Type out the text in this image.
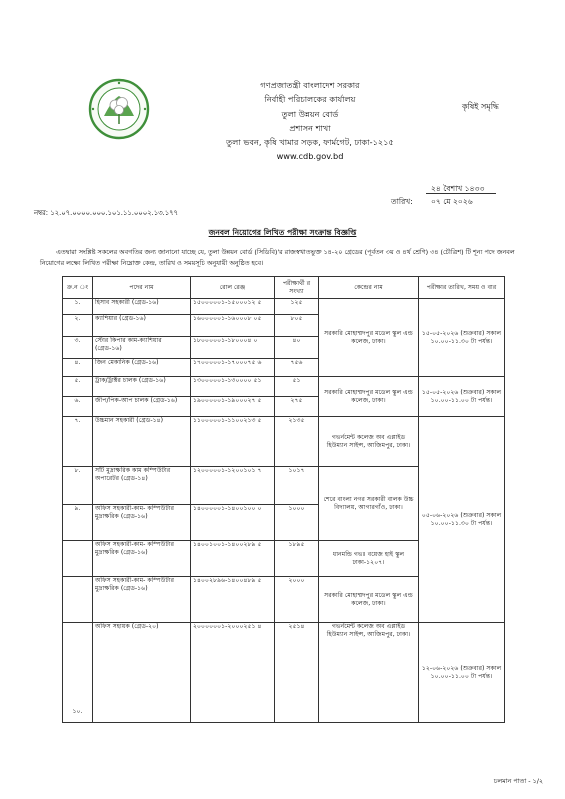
গণপ্রজাতন্ত্রী বাংলাদেশ সরকার
নির্বাহী পরিচালকের কার্যালয়
তুলা উন্নয়ন বোর্ড
প্রশাসন শাখা
তুলা ভবন, কৃষি খামার সড়ক, ফার্মগেট, ঢাকা-১২১৫
www.cdb.gov.bd
কৃষিই সমৃদ্ধি
২৪ বৈশাখ ১৪৩৩
তারিখ: ০৭ মে ২০২৬
নম্বর: ১২.০৭.০০০০.০০০.১০১.১১.০০০২.১৩.১৭৭
জনবল নিয়োগের লিখিত পরীক্ষা সংক্রান্ত বিজ্ঞপ্তি
এতদ্বারা সংশ্লিষ্ট সকলের অবগতির জন্য জানানো যাচ্ছে যে, তুলা উন্নয়ন বোর্ড (সিডিবি)'র রাজস্বখাতভুক্ত ১৪-২০ গ্রেডের (পূর্বতন ৩য় ও ৪র্থ শ্রেণি) ৩৪ (চৌত্রিশ) টি শূন্য পদে জনবল নিয়োগের লক্ষ্যে লিখিত পরীক্ষা নিম্নোক্ত কেন্দ্র, তারিখ ও সময়সূচি অনুযায়ী অনুষ্ঠিত হবে।
ক্র.ন ং	পদের নাম	রোল রেঞ্জ	পরীক্ষার্থী র সংখ্যা	কেন্দ্রের নাম	পরীক্ষার তারিখ, সময় ও বার
১.	হিসাব সহকারী (গ্রেড-১৬)	১৫০০০০০১-১৫০০০১২ ৫	১২৫	সরকারি মোহাম্মদপুর মডেল স্কুল এন্ড কলেজ, ঢাকা।	১৫-০৫-২০২৬ (শুক্রবার) সকাল ১০.০০-১১.৩০ টা পর্যন্ত।
২.	ক্যাশিয়ার (গ্রেড-১৬)	১৬০০০০০১-১৬০০০৮ ০৫	৮০৫		
৩.	স্টোর কিপার কাম-ক্যাশিয়ার (গ্রেড-১৬)	১৮০০০০০১-১৮০০০৪ ০	৪০		
৪.	জিন মেকানিক (গ্রেড-১৬)	১৭০০০০০১-১৭০০০৭৫ ৬	৭৫৬		
৫.	ট্রাক/ট্রাক্টর চালক (গ্রেড-১৬)	১৩০০০০০১-১৩০০০০ ৫১	৫১	সরকারি মোহাম্মদপুর মডেল স্কুল এন্ড কলেজ, ঢাকা।	১৫-০৫-২০২৬ (শুক্রবার) সকাল ১০.০০-১১.০০ টা পর্যন্ত।
৬.	জীপ/পিক-আপ চালক (গ্রেড-১৬)	১৯০০০০০১-১৯০০০২৭ ৫	২৭৫		
৭.	উচ্চমান সহকারী (গ্রেড-১৪)	১১০০০০০১-১১০০২১৩ ৫	২১৩৫	গভর্নমেন্ট কলেজ অব এপ্লাইড হিউম্যান সাইন্স, আজিমপুর, ঢাকা।	০৫-০৬-২০২৬ (শুক্রবার) সকাল ১০.০০-১১.৩০ টা পর্যন্ত।
৮.	সাঁট মুদ্রাক্ষরিক কাম কম্পিউটার অপারেটর (গ্রেড-১৪)	১২০০০০০১-১২০০১০১ ৭	১০১৭	শেরে বাংলা নগর সরকারী বালক উচ্চ বিদ্যালয়, আগারগাঁও, ঢাকা।	
৯.	অফিস সহকারী-কাম- কম্পিউটার মুদ্রাক্ষরিক (গ্রেড-১৬)	১৪০০০০০১-১৪০০১০০ ০	১০০০		
	অফিস সহকারী-কাম- কম্পিউটার মুদ্রাক্ষরিক (গ্রেড-১৬)	১৪০০১০০১-১৪০০২৮৯ ৫	১৮৯৫	ধানমন্ডি গভঃ বয়েজ হাই স্কুল ঢাকা-১২০৭।	
	অফিস সহকারী-কাম- কম্পিউটার মুদ্রাক্ষরিক (গ্রেড-১৬)	১৪০০২৮৯৬-১৪০০৪৮৯ ৫	২০০০	সরকারি মোহাম্মদপুর মডেল স্কুল এন্ড কলেজ, ঢাকা।	
১০.	অফিস সহায়ক (গ্রেড-২০)	২০০০০০০১-২০০০২৫১ ৪	২৫১৪	গভর্নমেন্ট কলেজ অব এপ্লাইড হিউম্যান সাইন্স, আজিমপুর, ঢাকা।	১২-০৬-২০২৬ (শুক্রবার) সকাল ১০.০০-১১.০০ টা পর্যন্ত।
চলমান পাতা - ১/২
